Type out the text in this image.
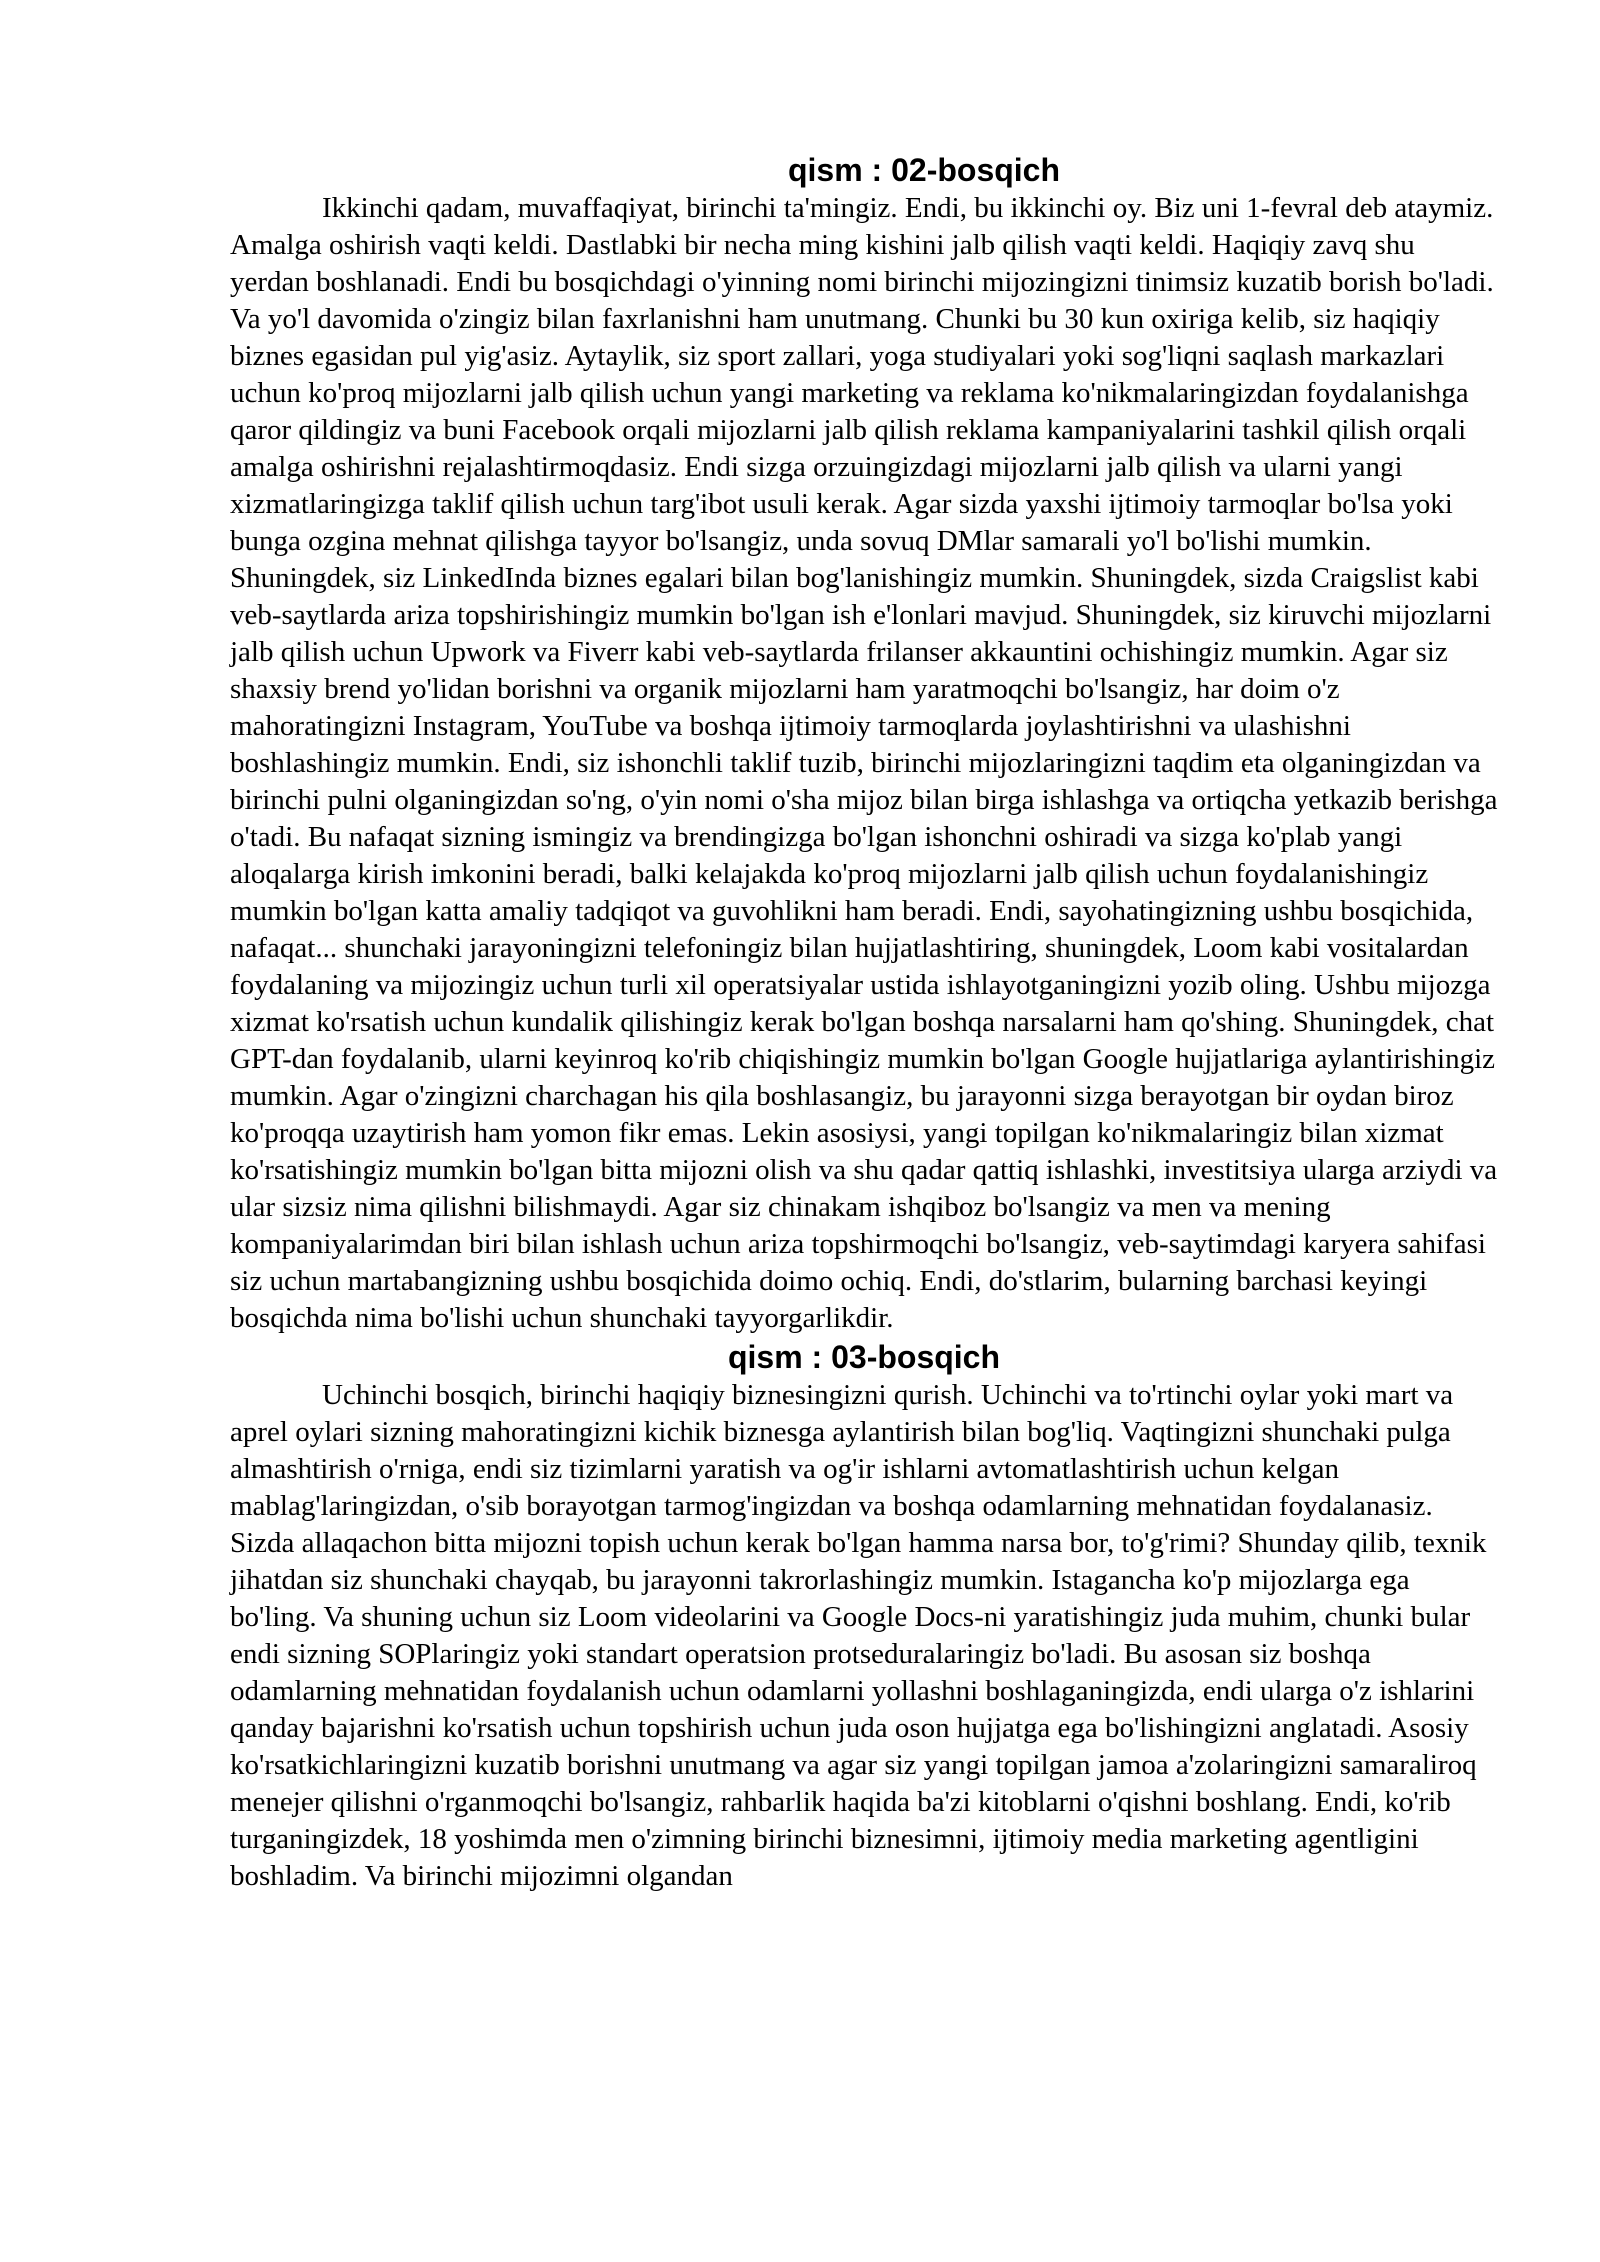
qism : 02-bosqich

Ikkinchi qadam, muvaffaqiyat, birinchi ta'mingiz. Endi, bu ikkinchi oy. Biz uni 1-fevral deb ataymiz. Amalga oshirish vaqti keldi. Dastlabki bir necha ming kishini jalb qilish vaqti keldi. Haqiqiy zavq shu yerdan boshlanadi. Endi bu bosqichdagi o'yinning nomi birinchi mijozingizni tinimsiz kuzatib borish bo'ladi. Va yo'l davomida o'zingiz bilan faxrlanishni ham unutmang. Chunki bu 30 kun oxiriga kelib, siz haqiqiy biznes egasidan pul yig'asiz. Aytaylik, siz sport zallari, yoga studiyalari yoki sog'liqni saqlash markazlari uchun ko'proq mijozlarni jalb qilish uchun yangi marketing va reklama ko'nikmalaringizdan foydalanishga qaror qildingiz va buni Facebook orqali mijozlarni jalb qilish reklama kampaniyalarini tashkil qilish orqali amalga oshirishni rejalashtirmoqdasiz. Endi sizga orzuingizdagi mijozlarni jalb qilish va ularni yangi xizmatlaringizga taklif qilish uchun targ'ibot usuli kerak. Agar sizda yaxshi ijtimoiy tarmoqlar bo'lsa yoki bunga ozgina mehnat qilishga tayyor bo'lsangiz, unda sovuq DMlar samarali yo'l bo'lishi mumkin. Shuningdek, siz LinkedInda biznes egalari bilan bog'lanishingiz mumkin. Shuningdek, sizda Craigslist kabi veb-saytlarda ariza topshirishingiz mumkin bo'lgan ish e'lonlari mavjud. Shuningdek, siz kiruvchi mijozlarni jalb qilish uchun Upwork va Fiverr kabi veb-saytlarda frilanser akkauntini ochishingiz mumkin. Agar siz shaxsiy brend yo'lidan borishni va organik mijozlarni ham yaratmoqchi bo'lsangiz, har doim o'z mahoratingizni Instagram, YouTube va boshqa ijtimoiy tarmoqlarda joylashtirishni va ulashishni boshlashingiz mumkin. Endi, siz ishonchli taklif tuzib, birinchi mijozlaringizni taqdim eta olganingizdan va birinchi pulni olganingizdan so'ng, o'yin nomi o'sha mijoz bilan birga ishlashga va ortiqcha yetkazib berishga o'tadi. Bu nafaqat sizning ismingiz va brendingizga bo'lgan ishonchni oshiradi va sizga ko'plab yangi aloqalarga kirish imkonini beradi, balki kelajakda ko'proq mijozlarni jalb qilish uchun foydalanishingiz mumkin bo'lgan katta amaliy tadqiqot va guvohlikni ham beradi. Endi, sayohatingizning ushbu bosqichida, nafaqat... shunchaki jarayoningizni telefoningiz bilan hujjatlashtiring, shuningdek, Loom kabi vositalardan foydalaning va mijozingiz uchun turli xil operatsiyalar ustida ishlayotganingizni yozib oling. Ushbu mijozga xizmat ko'rsatish uchun kundalik qilishingiz kerak bo'lgan boshqa narsalarni ham qo'shing. Shuningdek, chat GPT-dan foydalanib, ularni keyinroq ko'rib chiqishingiz mumkin bo'lgan Google hujjatlariga aylantirishingiz mumkin. Agar o'zingizni charchagan his qila boshlasangiz, bu jarayonni sizga berayotgan bir oydan biroz ko'proqqa uzaytirish ham yomon fikr emas. Lekin asosiysi, yangi topilgan ko'nikmalaringiz bilan xizmat ko'rsatishingiz mumkin bo'lgan bitta mijozni olish va shu qadar qattiq ishlashki, investitsiya ularga arziydi va ular sizsiz nima qilishni bilishmaydi. Agar siz chinakam ishqiboz bo'lsangiz va men va mening kompaniyalarimdan biri bilan ishlash uchun ariza topshirmoqchi bo'lsangiz, veb-saytimdagi karyera sahifasi siz uchun martabangizning ushbu bosqichida doimo ochiq. Endi, do'stlarim, bularning barchasi keyingi bosqichda nima bo'lishi uchun shunchaki tayyorgarlikdir.

qism : 03-bosqich

Uchinchi bosqich, birinchi haqiqiy biznesingizni qurish. Uchinchi va to'rtinchi oylar yoki mart va aprel oylari sizning mahoratingizni kichik biznesga aylantirish bilan bog'liq. Vaqtingizni shunchaki pulga almashtirish o'rniga, endi siz tizimlarni yaratish va og'ir ishlarni avtomatlashtirish uchun kelgan mablag'laringizdan, o'sib borayotgan tarmog'ingizdan va boshqa odamlarning mehnatidan foydalanasiz. Sizda allaqachon bitta mijozni topish uchun kerak bo'lgan hamma narsa bor, to'g'rimi? Shunday qilib, texnik jihatdan siz shunchaki chayqab, bu jarayonni takrorlashingiz mumkin. Istagancha ko'p mijozlarga ega bo'ling. Va shuning uchun siz Loom videolarini va Google Docs-ni yaratishingiz juda muhim, chunki bular endi sizning SOPlaringiz yoki standart operatsion protseduralaringiz bo'ladi. Bu asosan siz boshqa odamlarning mehnatidan foydalanish uchun odamlarni yollashni boshlaganingizda, endi ularga o'z ishlarini qanday bajarishni ko'rsatish uchun topshirish uchun juda oson hujjatga ega bo'lishingizni anglatadi. Asosiy ko'rsatkichlaringizni kuzatib borishni unutmang va agar siz yangi topilgan jamoa a'zolaringizni samaraliroq menejer qilishni o'rganmoqchi bo'lsangiz, rahbarlik haqida ba'zi kitoblarni o'qishni boshlang. Endi, ko'rib turganingizdek, 18 yoshimda men o'zimning birinchi biznesimni, ijtimoiy media marketing agentligini boshladim. Va birinchi mijozimni olgandan
